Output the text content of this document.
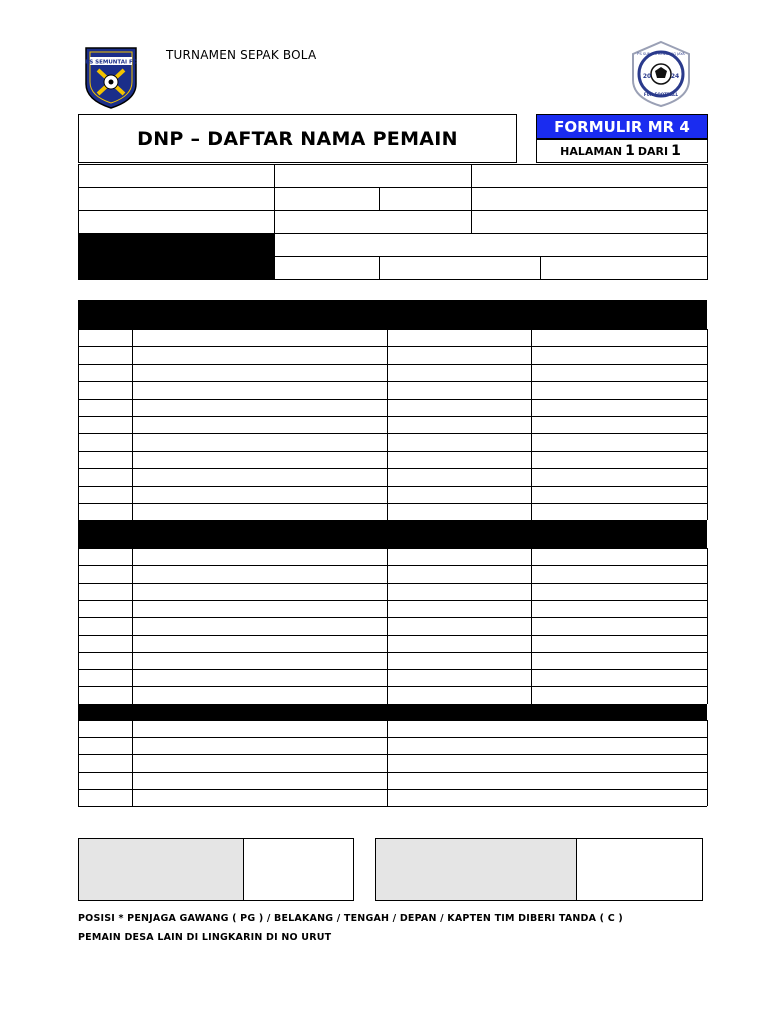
PS SEMUNTAI FC
TURNAMEN SEPAK BOLA
20	24
PS SUNGAI RENDANG JAYA
FUN FOOTBALL
DNP – DAFTAR NAMA PEMAIN
FORMULIR MR 4
HALAMAN 1 DARI 1
POSISI * PENJAGA GAWANG ( PG ) / BELAKANG / TENGAH / DEPAN / KAPTEN TIM DIBERI TANDA ( C )
PEMAIN DESA LAIN DI LINGKARIN DI NO URUT
